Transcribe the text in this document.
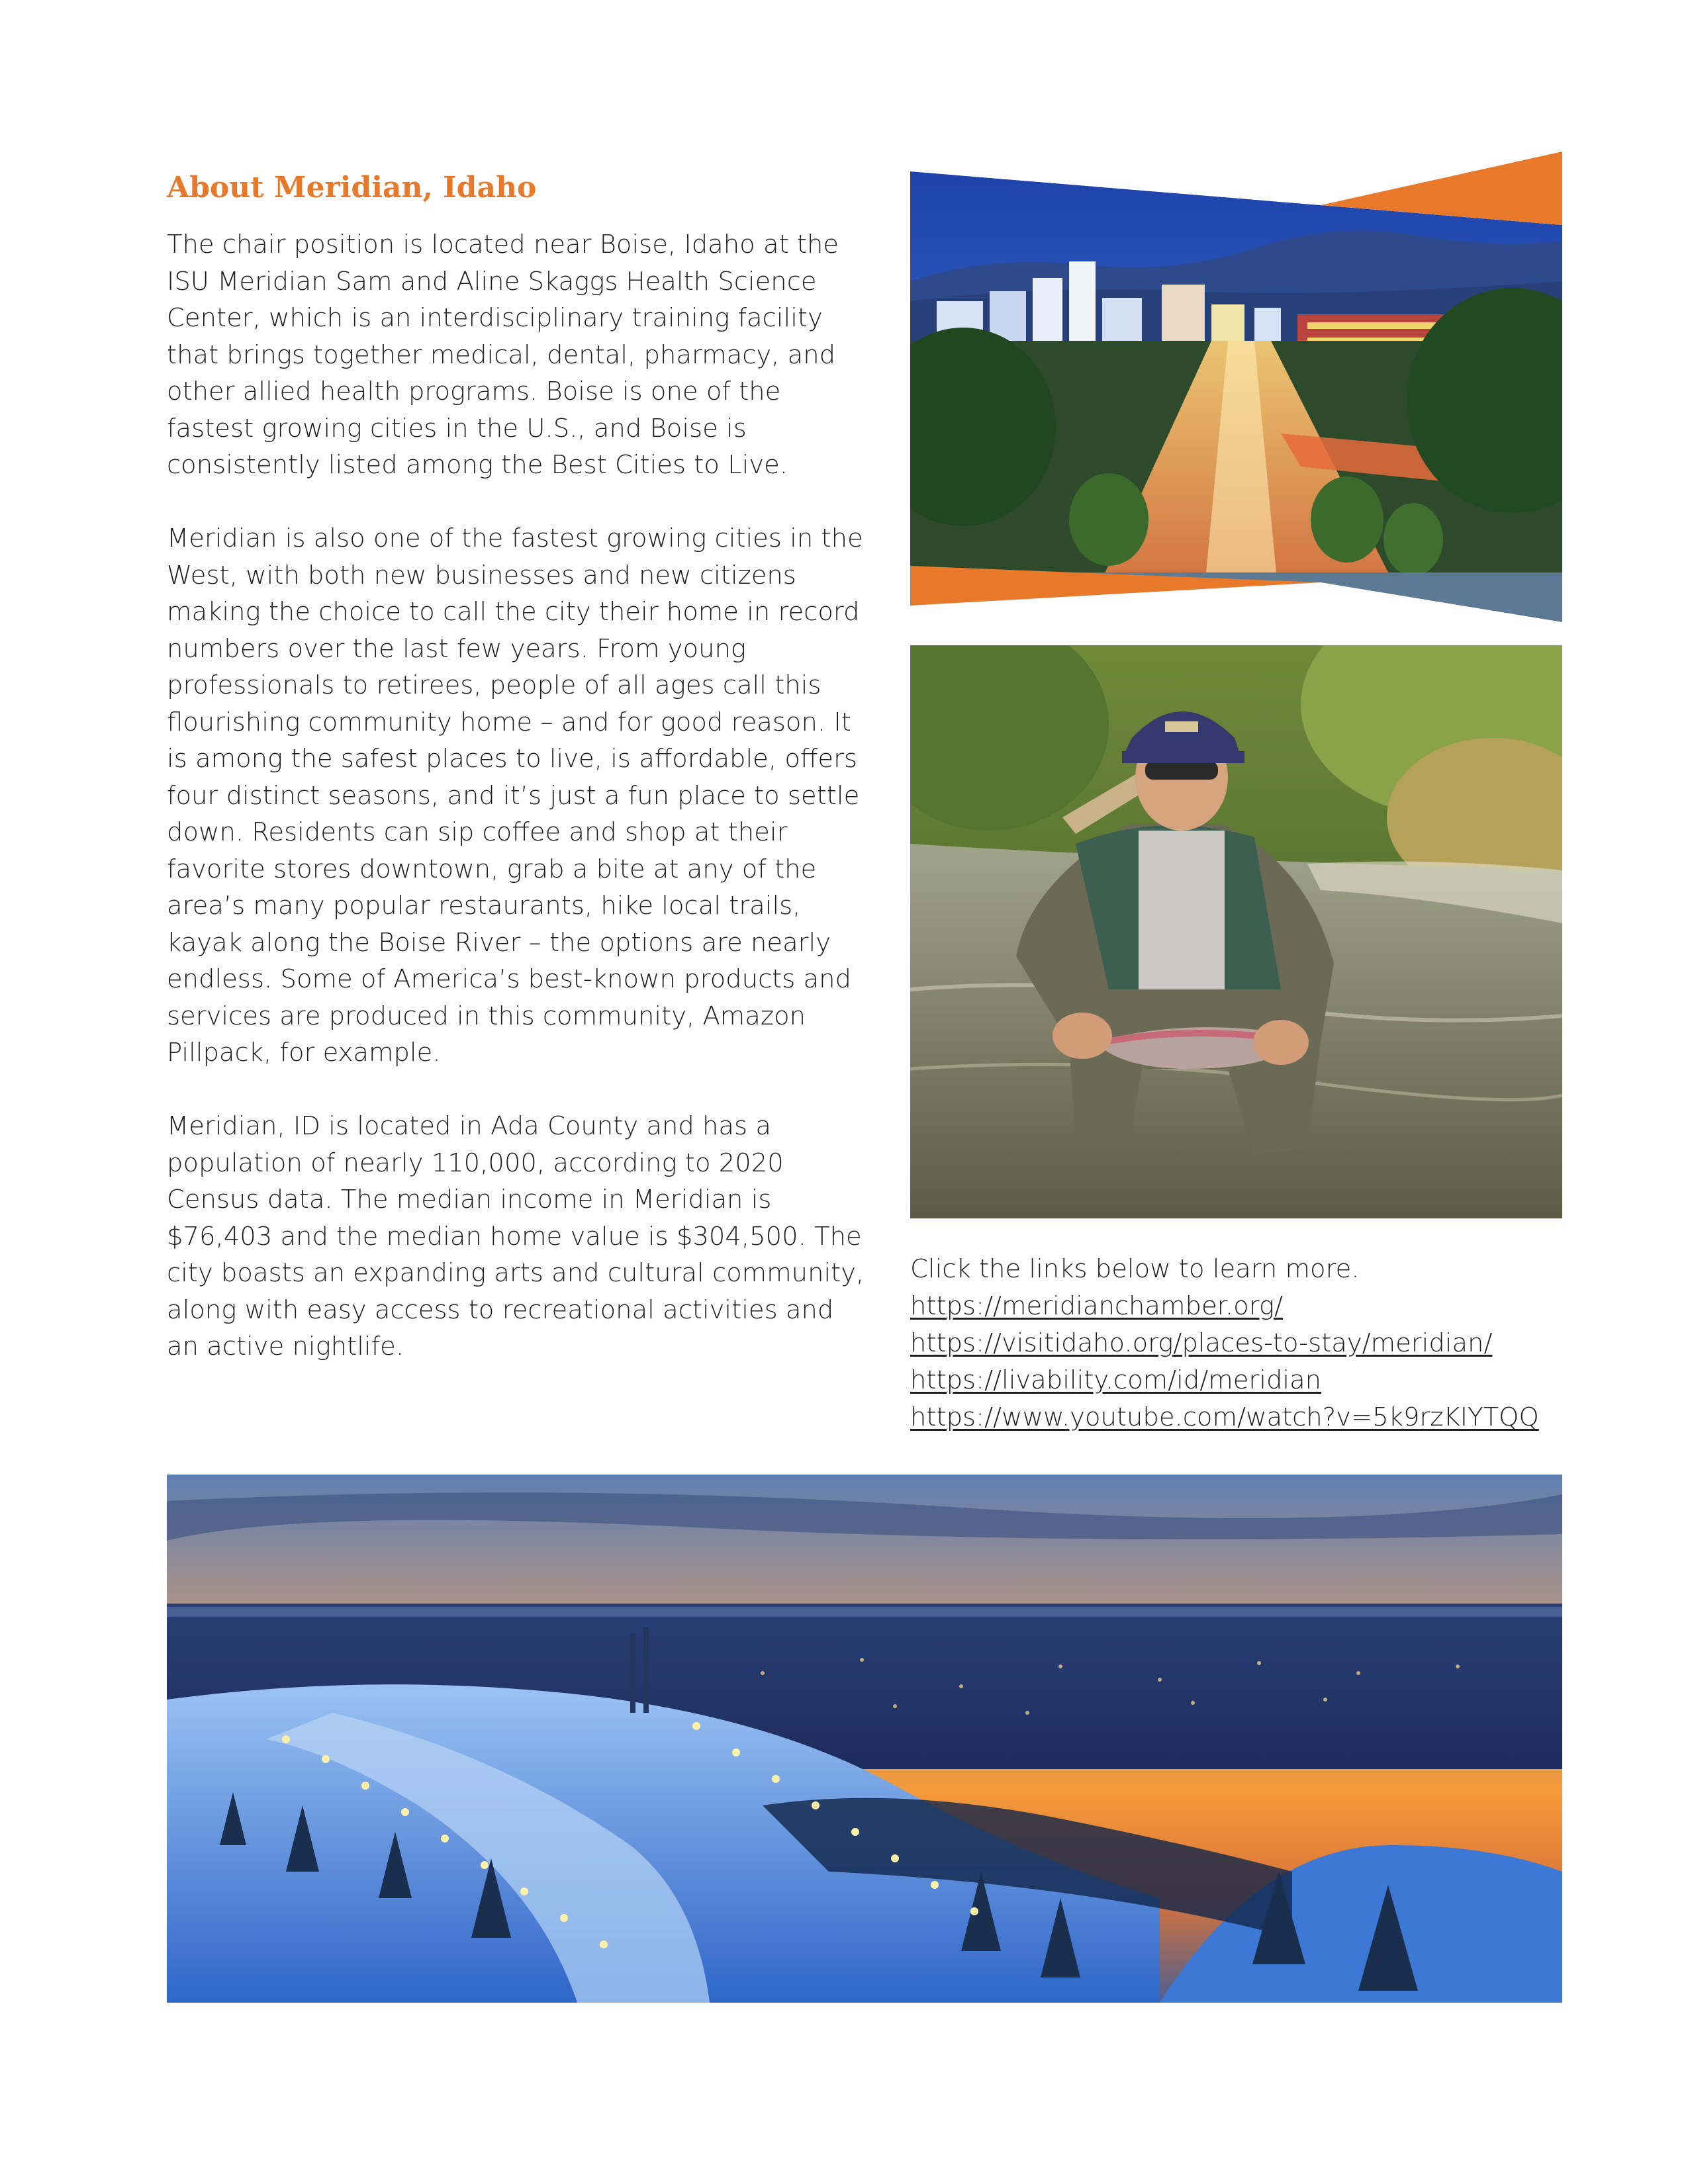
About Meridian, Idaho

The chair position is located near Boise, Idaho at the ISU Meridian Sam and Aline Skaggs Health Science Center, which is an interdisciplinary training facility that brings together medical, dental, pharmacy, and other allied health programs. Boise is one of the fastest growing cities in the U.S., and Boise is consistently listed among the Best Cities to Live.

Meridian is also one of the fastest growing cities in the West, with both new businesses and new citizens making the choice to call the city their home in record numbers over the last few years. From young professionals to retirees, people of all ages call this flourishing community home – and for good reason. It is among the safest places to live, is affordable, offers four distinct seasons, and it’s just a fun place to settle down. Residents can sip coffee and shop at their favorite stores downtown, grab a bite at any of the area’s many popular restaurants, hike local trails, kayak along the Boise River – the options are nearly endless. Some of America’s best-known products and services are produced in this community, Amazon Pillpack, for example.

Meridian, ID is located in Ada County and has a population of nearly 110,000, according to 2020 Census data. The median income in Meridian is $76,403 and the median home value is $304,500. The city boasts an expanding arts and cultural community, along with easy access to recreational activities and an active nightlife.

Click the links below to learn more.
https://meridianchamber.org/
https://visitidaho.org/places-to-stay/meridian/
https://livability.com/id/meridian
https://www.youtube.com/watch?v=5k9rzKIYTQQ
